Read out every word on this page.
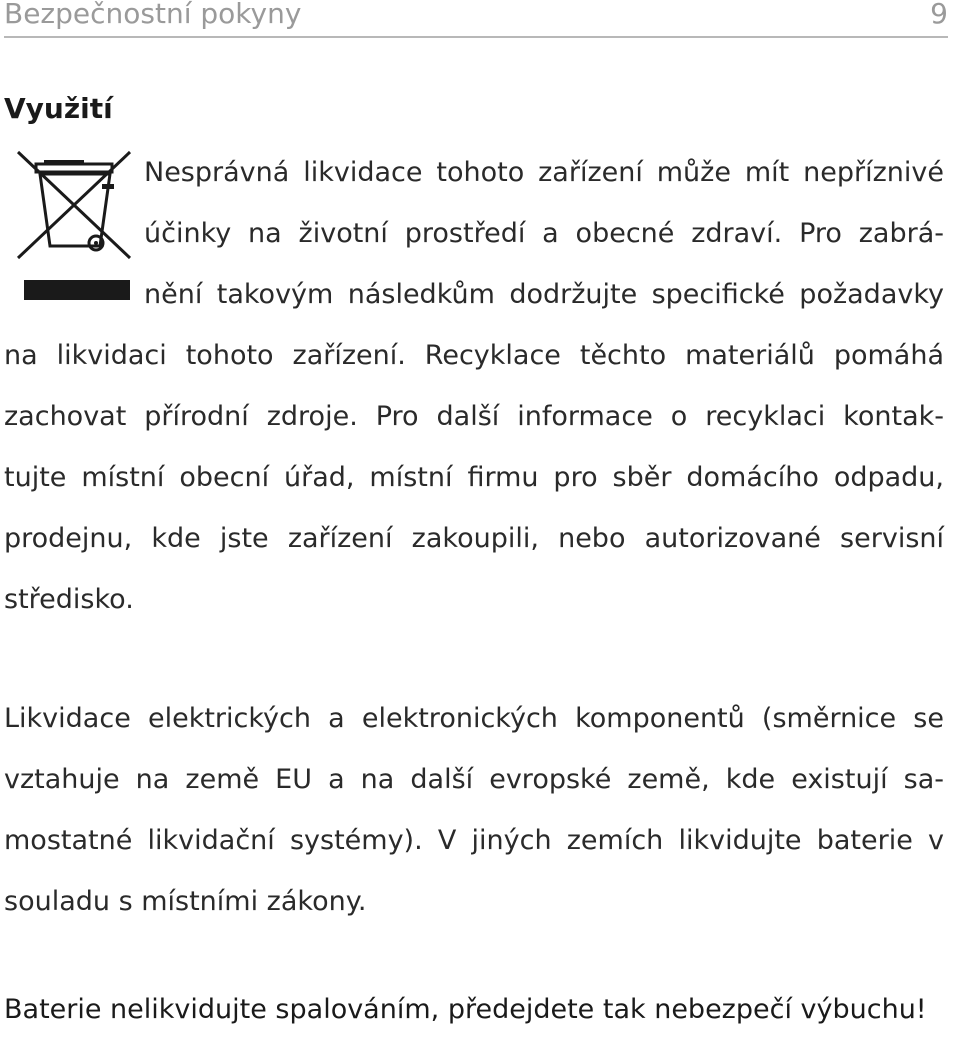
Bezpečnostní pokyny	9
Využití
Nesprávná likvidace tohoto zařízení může mít nepříznivé
účinky na životní prostředí a obecné zdraví. Pro zabrá-
nění takovým následkům dodržujte specifické požadavky
na likvidaci tohoto zařízení. Recyklace těchto materiálů pomáhá
zachovat přírodní zdroje. Pro další informace o recyklaci kontak-
tujte místní obecní úřad, místní firmu pro sběr domácího odpadu,
prodejnu, kde jste zařízení zakoupili, nebo autorizované servisní
středisko.
Likvidace elektrických a elektronických komponentů (směrnice se
vztahuje na země EU a na další evropské země, kde existují sa-
mostatné likvidační systémy). V jiných zemích likvidujte baterie v
souladu s místními zákony.
Baterie nelikvidujte spalováním, předejdete tak nebezpečí výbuchu!
